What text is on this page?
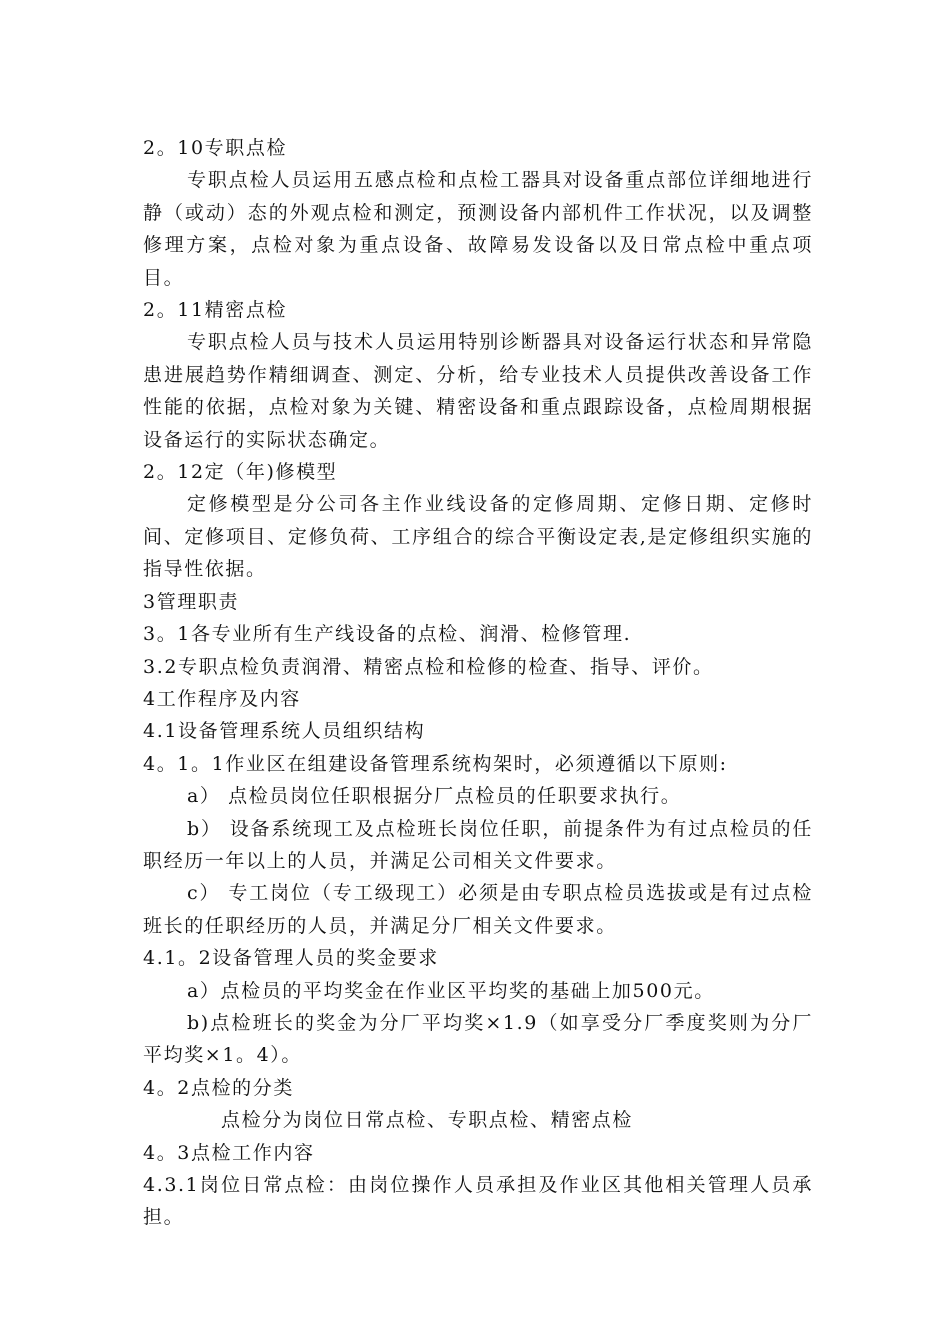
2。10专职点检

专职点检人员运用五感点检和点检工器具对设备重点部位详细地进行静（或动）态的外观点检和测定，预测设备内部机件工作状况，以及调整修理方案，点检对象为重点设备、故障易发设备以及日常点检中重点项目。

2。11精密点检

专职点检人员与技术人员运用特别诊断器具对设备运行状态和异常隐患进展趋势作精细调查、测定、分析，给专业技术人员提供改善设备工作性能的依据，点检对象为关键、精密设备和重点跟踪设备，点检周期根据设备运行的实际状态确定。

2。12定（年)修模型

定修模型是分公司各主作业线设备的定修周期、定修日期、定修时间、定修项目、定修负荷、工序组合的综合平衡设定表,是定修组织实施的指导性依据。

3管理职责

3。1各专业所有生产线设备的点检、润滑、检修管理.

3.2专职点检负责润滑、精密点检和检修的检查、指导、评价。

4工作程序及内容

4.1设备管理系统人员组织结构

4。1。1作业区在组建设备管理系统构架时，必须遵循以下原则:

a） 点检员岗位任职根据分厂点检员的任职要求执行。

b） 设备系统现工及点检班长岗位任职，前提条件为有过点检员的任职经历一年以上的人员，并满足公司相关文件要求。

c） 专工岗位（专工级现工）必须是由专职点检员选拔或是有过点检班长的任职经历的人员，并满足分厂相关文件要求。

4.1。2设备管理人员的奖金要求

a）点检员的平均奖金在作业区平均奖的基础上加500元。

b)点检班长的奖金为分厂平均奖×1.9（如享受分厂季度奖则为分厂平均奖×1。4）。

4。2点检的分类

点检分为岗位日常点检、专职点检、精密点检

4。3点检工作内容

4.3.1岗位日常点检：由岗位操作人员承担及作业区其他相关管理人员承担。
